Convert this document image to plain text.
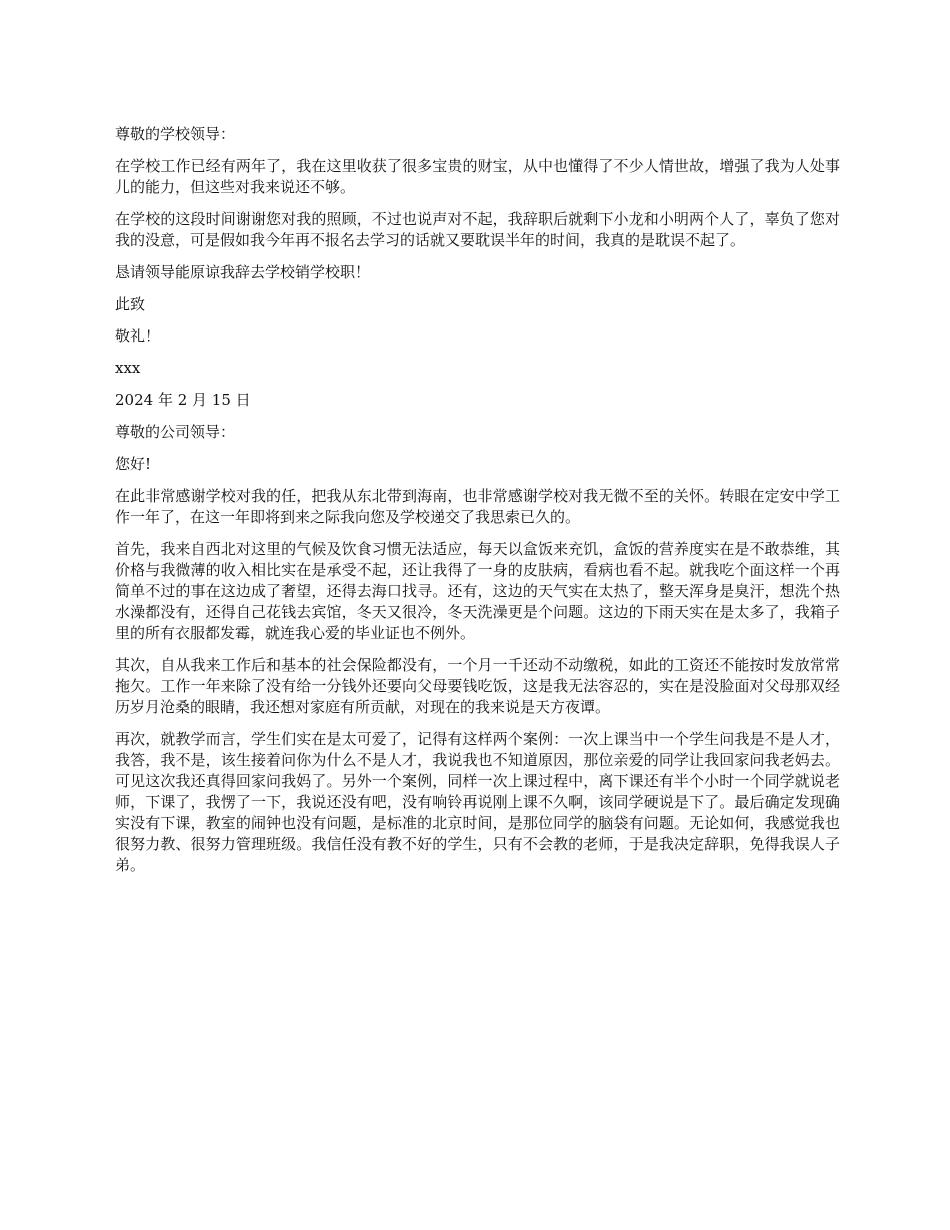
尊敬的学校领导：

在学校工作已经有两年了，我在这里收获了很多宝贵的财宝，从中也懂得了不少人情世故，增强了我为人处事儿的能力，但这些对我来说还不够。

在学校的这段时间谢谢您对我的照顾，不过也说声对不起，我辞职后就剩下小龙和小明两个人了，辜负了您对我的没意，可是假如我今年再不报名去学习的话就又要耽误半年的时间，我真的是耽误不起了。

恳请领导能原谅我辞去学校销学校职！

此致

敬礼！

xxx

2024 年 2 月 15 日

尊敬的公司领导：

您好!

在此非常感谢学校对我的任，把我从东北带到海南，也非常感谢学校对我无微不至的关怀。转眼在定安中学工作一年了，在这一年即将到来之际我向您及学校递交了我思索已久的。

首先，我来自西北对这里的气候及饮食习惯无法适应，每天以盒饭来充饥，盒饭的营养度实在是不敢恭维，其价格与我微薄的收入相比实在是承受不起，还让我得了一身的皮肤病，看病也看不起。就我吃个面这样一个再简单不过的事在这边成了奢望，还得去海口找寻。还有，这边的天气实在太热了，整天浑身是臭汗，想洗个热水澡都没有，还得自己花钱去宾馆，冬天又很冷，冬天洗澡更是个问题。这边的下雨天实在是太多了，我箱子里的所有衣服都发霉，就连我心爱的毕业证也不例外。

其次，自从我来工作后和基本的社会保险都没有，一个月一千还动不动缴税，如此的工资还不能按时发放常常拖欠。工作一年来除了没有给一分钱外还要向父母要钱吃饭，这是我无法容忍的，实在是没脸面对父母那双经历岁月沧桑的眼睛，我还想对家庭有所贡献，对现在的我来说是天方夜谭。

再次，就教学而言，学生们实在是太可爱了，记得有这样两个案例：一次上课当中一个学生问我是不是人才，我答，我不是，该生接着问你为什么不是人才，我说我也不知道原因，那位亲爱的同学让我回家问我老妈去。可见这次我还真得回家问我妈了。另外一个案例，同样一次上课过程中，离下课还有半个小时一个同学就说老师，下课了，我愣了一下，我说还没有吧，没有响铃再说刚上课不久啊，该同学硬说是下了。最后确定发现确实没有下课，教室的闹钟也没有问题，是标准的北京时间，是那位同学的脑袋有问题。无论如何，我感觉我也很努力教、很努力管理班级。我信任没有教不好的学生，只有不会教的老师，于是我决定辞职，免得我误人子弟。
